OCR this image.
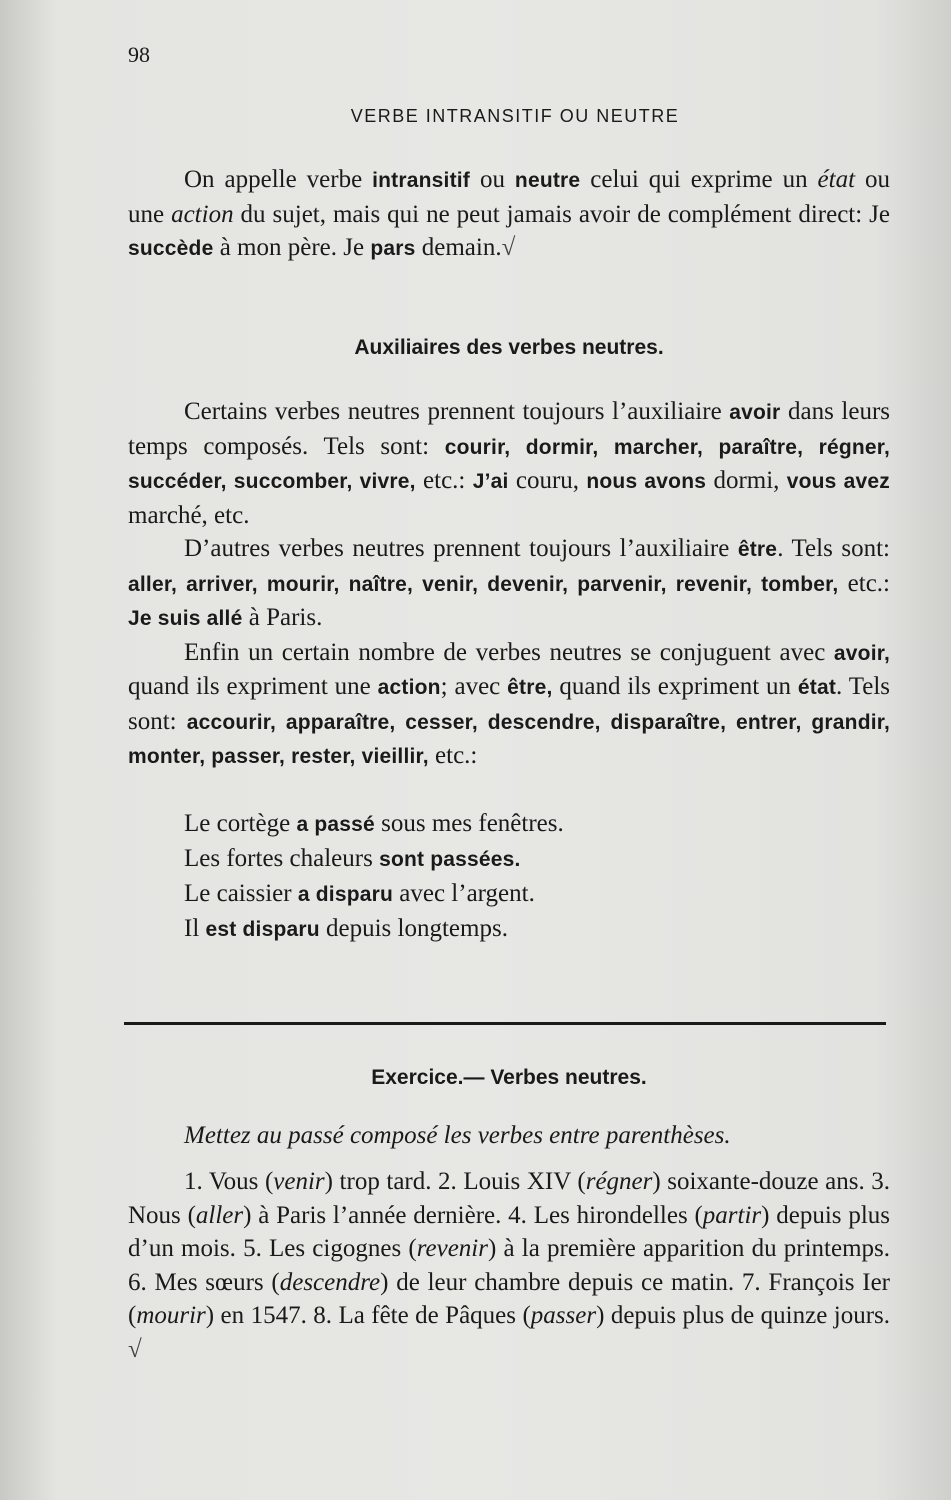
98
VERBE INTRANSITIF OU NEUTRE

On appelle verbe intransitif ou neutre celui qui exprime un état ou une action du sujet, mais qui ne peut jamais avoir de complément direct: Je succède à mon père. Je pars demain.√

Auxiliaires des verbes neutres.

Certains verbes neutres prennent toujours l’auxiliaire avoir dans leurs temps composés. Tels sont: courir, dormir, marcher, paraître, régner, succéder, succomber, vivre, etc.: J’ai couru, nous avons dormi, vous avez marché, etc.

D’autres verbes neutres prennent toujours l’auxiliaire être. Tels sont: aller, arriver, mourir, naître, venir, devenir, parvenir, revenir, tomber, etc.: Je suis allé à Paris.

Enfin un certain nombre de verbes neutres se conjuguent avec avoir, quand ils expriment une action; avec être, quand ils expriment un état. Tels sont: accourir, apparaître, cesser, descendre, disparaître, entrer, grandir, monter, passer, rester, vieillir, etc.:

Le cortège a passé sous mes fenêtres.
Les fortes chaleurs sont passées.
Le caissier a disparu avec l’argent.
Il est disparu depuis longtemps.
Exercice.— Verbes neutres.
Mettez au passé composé les verbes entre parenthèses.

1. Vous (venir) trop tard. 2. Louis XIV (régner) soixante-douze ans. 3. Nous (aller) à Paris l’année dernière. 4. Les hirondelles (partir) depuis plus d’un mois. 5. Les cigognes (revenir) à la première apparition du printemps. 6. Mes sœurs (descendre) de leur chambre depuis ce matin. 7. François Ier (mourir) en 1547. 8. La fête de Pâques (passer) depuis plus de quinze jours. √
